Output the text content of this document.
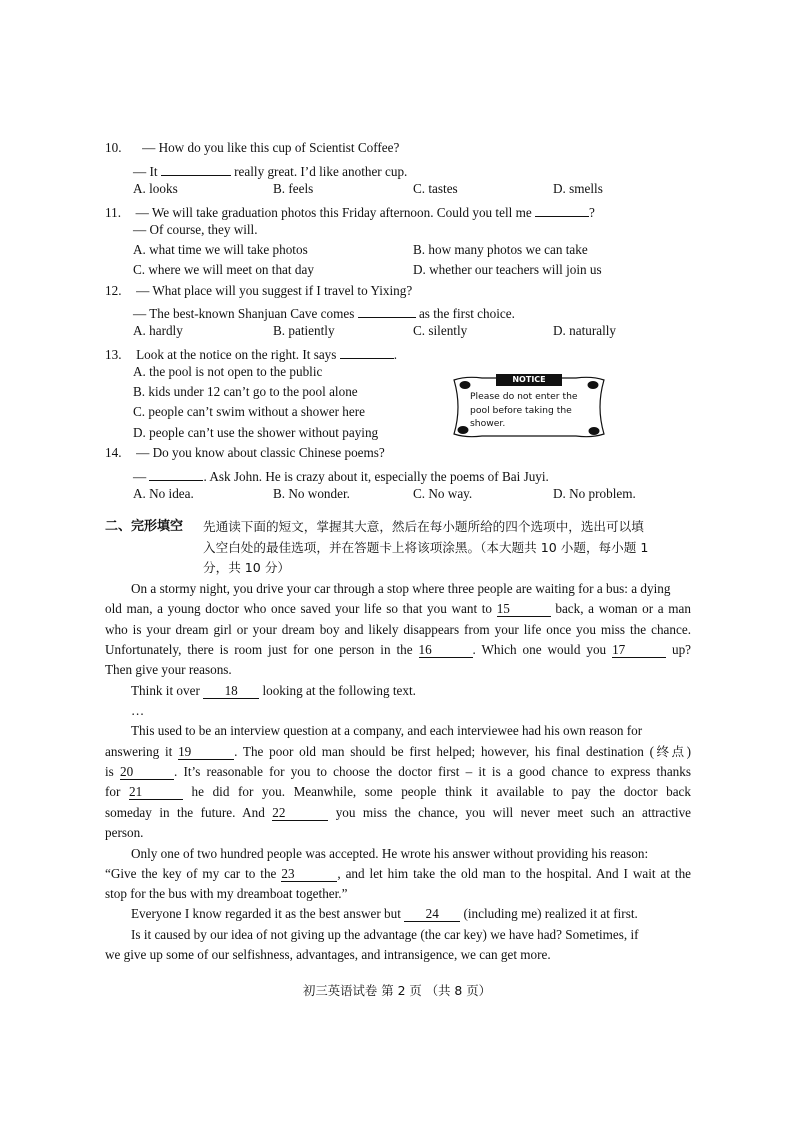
10. — How do you like this cup of Scientist Coffee?
— It	really great. I’d like another cup.
A. looks	B. feels	C. tastes	D. smells
11. — We will take graduation photos this Friday afternoon. Could you tell me	?
— Of course, they will.
A. what time we will take photos	B. how many photos we can take
C. where we will meet on that day	D. whether our teachers will join us
12. — What place will you suggest if I travel to Yixing?
— The best-known Shanjuan Cave comes	as the first choice.
A. hardly	B. patiently	C. silently	D. naturally
13. Look at the notice on the right. It says	.
A. the pool is not open to the public
B. kids under 12 can’t go to the pool alone
C. people can’t swim without a shower here
D. people can’t use the shower without paying
NOTICE
Please do not enter the pool before taking the shower.
14. — Do you know about classic Chinese poems?
—	. Ask John. He is crazy about it, especially the poems of Bai Juyi.
A. No idea.	B. No wonder.	C. No way.	D. No problem.
二、完形填空 先通读下面的短文，掌握其大意，然后在每小题所给的四个选项中，选出可以填
入空白处的最佳选项，并在答题卡上将该项涂黑。（本大题共 10 小题，每小题 1
分，共 10 分）
On a stormy night, you drive your car through a stop where three people are waiting for a bus: a dying
old man, a young doctor who once saved your life so that you want to 15	back, a woman or a man
who is your dream girl or your dream boy and likely disappears from your life once you miss the chance.
Unfortunately, there is room just for one person in the 16	. Which one would you 17	up?
Then give your reasons.
Think it over 18 looking at the following text.
…
This used to be an interview question at a company, and each interviewee had his own reason for
answering it 19	. The poor old man should be first helped; however, his final destination (终点)
is 20	. It’s reasonable for you to choose the doctor first – it is a good chance to express thanks
for 21	he did for you. Meanwhile, some people think it available to pay the doctor back
someday in the future. And 22	you miss the chance, you will never meet such an attractive
person.
Only one of two hundred people was accepted. He wrote his answer without providing his reason:
“Give the key of my car to the 23	, and let him take the old man to the hospital. And I wait at the
stop for the bus with my dreamboat together.”
Everyone I know regarded it as the best answer but 24 (including me) realized it at first.
Is it caused by our idea of not giving up the advantage (the car key) we have had? Sometimes, if
we give up some of our selfishness, advantages, and intransigence, we can get more.
初三英语试卷 第 2 页 （共 8 页）
